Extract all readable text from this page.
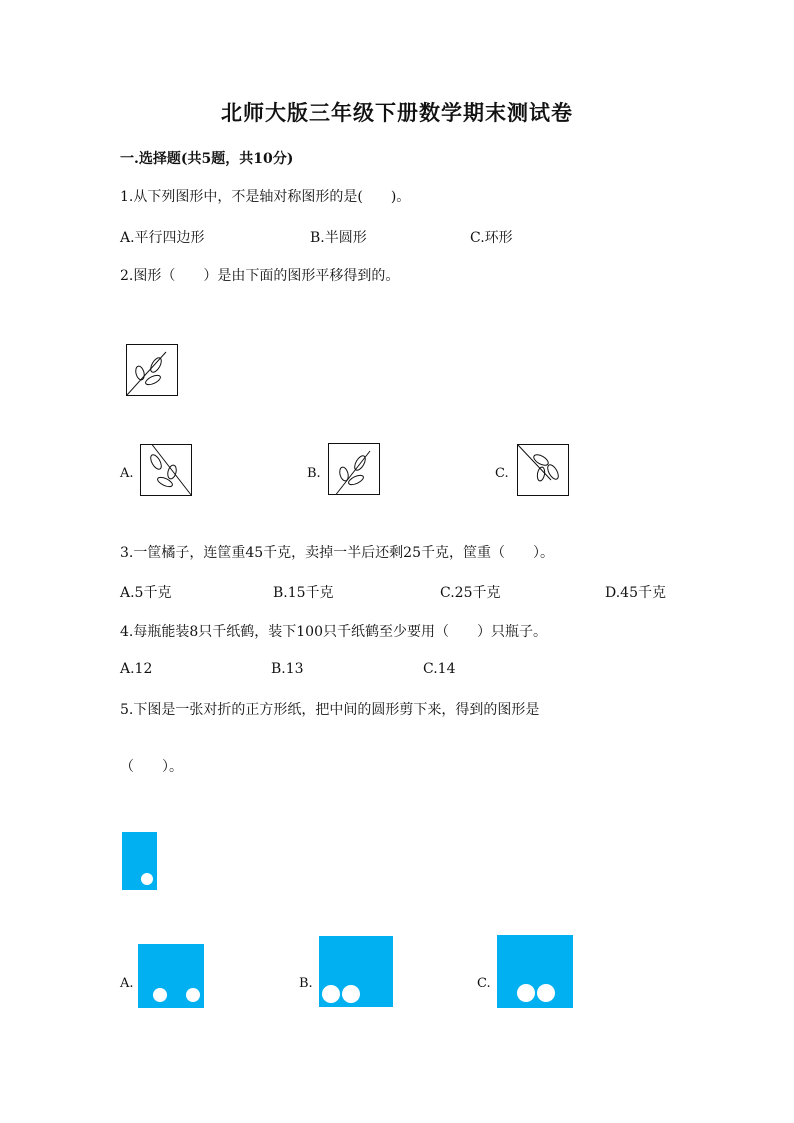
北师大版三年级下册数学期末测试卷
一.选择题(共5题，共10分)
1.从下列图形中，不是轴对称图形的是(　　)。
A.平行四边形	B.半圆形	C.环形
2.图形（　　）是由下面的图形平移得到的。
A.	B.	C.
3.一筐橘子，连筐重45千克，卖掉一半后还剩25千克，筐重（　　）。
A.5千克	B.15千克	C.25千克	D.45千克
4.每瓶能装8只千纸鹤，装下100只千纸鹤至少要用（　　）只瓶子。
A.12	B.13	C.14
5.下图是一张对折的正方形纸，把中间的圆形剪下来，得到的图形是
（　　）。
A.	B.	C.
